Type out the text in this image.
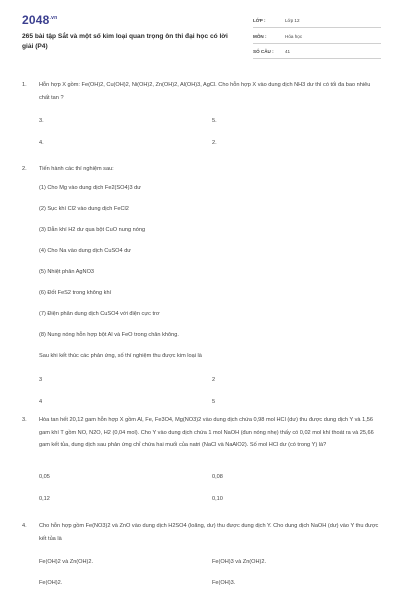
$2048^{.vn}$
265 bài tập Sắt và một số kim loại quan trọng ôn thi đại học có lời giải (P4)
LỚP :	Lớp 12
MÔN :	Hóa học
SỐ CÂU :	41
1. Hỗn hợp X gồm: Fe(OH)2, Cu(OH)2, Ni(OH)2, Zn(OH)2, Al(OH)3, AgCl. Cho hỗn hợp X vào dung dịch NH3 dư thì có tối đa bao nhiêu chất tan ?
3.	5.
4.	2.
2. Tiến hành các thí nghiệm sau:
(1) Cho Mg vào dung dịch Fe2(SO4)3 dư
(2) Sục khí Cl2 vào dung dịch FeCl2
(3) Dẫn khí H2 dư qua bột CuO nung nóng
(4) Cho Na vào dung dịch CuSO4 dư
(5) Nhiệt phân AgNO3
(6) Đốt FeS2 trong không khí
(7) Điện phân dung dịch CuSO4 với điện cực trơ
(8) Nung nóng hỗn hợp bột Al và FeO trong chân không.
Sau khi kết thúc các phản ứng, số thí nghiệm thu được kim loại là
3	2
4	5
3. Hòa tan hết 20,12 gam hỗn hợp X gồm Al, Fe, Fe3O4, Mg(NO3)2 vào dung dịch chứa 0,98 mol HCl (dư) thu được dung dịch Y và 1,56 gam khí T gồm NO, N2O, H2 (0,04 mol). Cho Y vào dung dịch chứa 1 mol NaOH (đun nóng nhẹ) thấy có 0,02 mol khí thoát ra và 25,66 gam kết tủa, dung dịch sau phản ứng chỉ chứa hai muối của natri (NaCl và NaAlO2). Số mol HCl dư (có trong Y) là?
0,05	0,08
0,12	0,10
4. Cho hỗn hợp gồm Fe(NO3)2 và ZnO vào dung dịch H2SO4 (loãng, dư) thu được dung dịch Y. Cho dung dịch NaOH (dư) vào Y thu được kết tủa là
Fe(OH)2 và Zn(OH)2.	Fe(OH)3 và Zn(OH)2.
Fe(OH)2.	Fe(OH)3.
